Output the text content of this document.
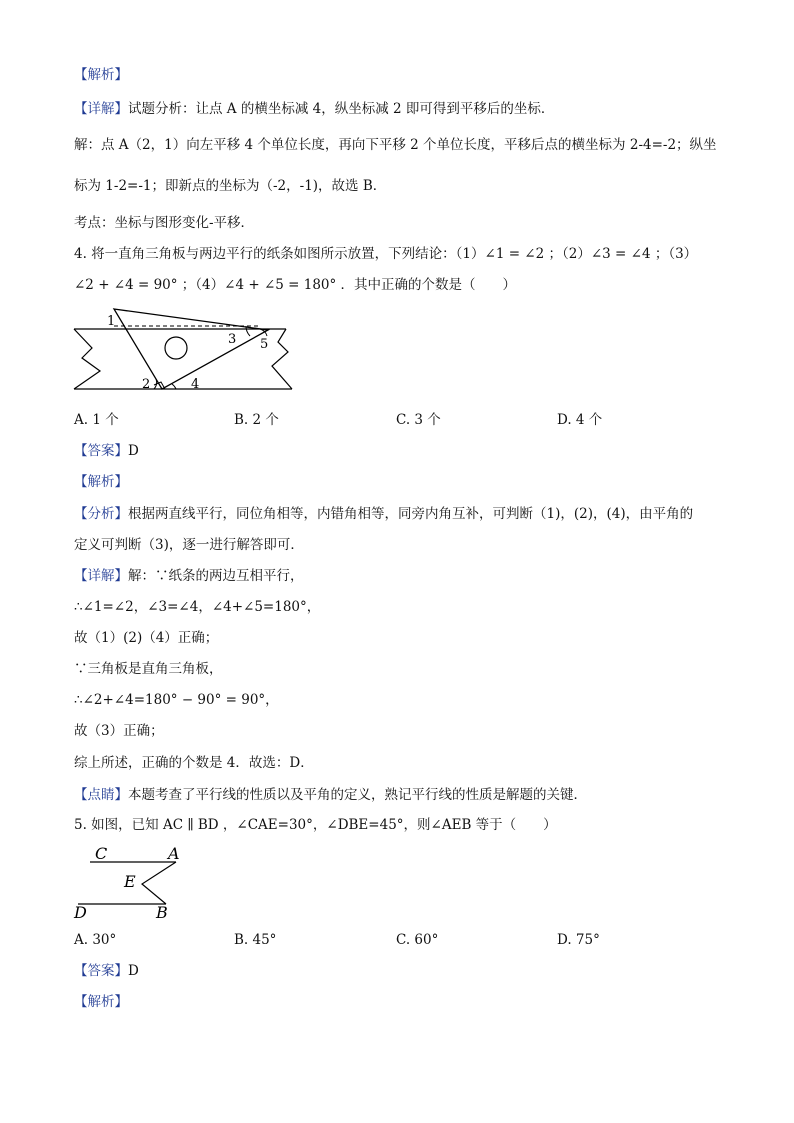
【解析】
【详解】试题分析：让点 A 的横坐标减 4，纵坐标减 2 即可得到平移后的坐标．
解：点 A（2，1）向左平移 4 个单位长度，再向下平移 2 个单位长度，平移后点的横坐标为 2-4=-2；纵坐
标为 1-2=-1；即新点的坐标为（-2，-1)，故选 B．
考点：坐标与图形变化-平移．
4. 将一直角三角板与两边平行的纸条如图所示放置，下列结论：（1）∠1 = ∠2 ；（2）∠3 = ∠4 ；（3）
∠2 + ∠4 = 90° ；（4）∠4 + ∠5 = 180° ．其中正确的个数是（　　）
1
2
3
4
5
A. 1 个	B. 2 个	C. 3 个	D. 4 个
【答案】D
【解析】
【分析】根据两直线平行，同位角相等，内错角相等，同旁内角互补，可判断（1)，(2)，(4)，由平角的
定义可判断（3)，逐一进行解答即可．
【详解】解：∵纸条的两边互相平行，
∴∠1=∠2，∠3=∠4，∠4+∠5=180°，
故（1）(2)（4）正确；
∵三角板是直角三角板，
∴∠2+∠4=180° − 90° = 90°，
故（3）正确；
综上所述，正确的个数是 4．故选：D．
【点睛】本题考查了平行线的性质以及平角的定义，熟记平行线的性质是解题的关键．
5. 如图，已知 AC ∥ BD ，∠CAE=30°，∠DBE=45°，则∠AEB 等于（　　）
C	A
E
D	B
A. 30°	B. 45°	C. 60°	D. 75°
【答案】D
【解析】
